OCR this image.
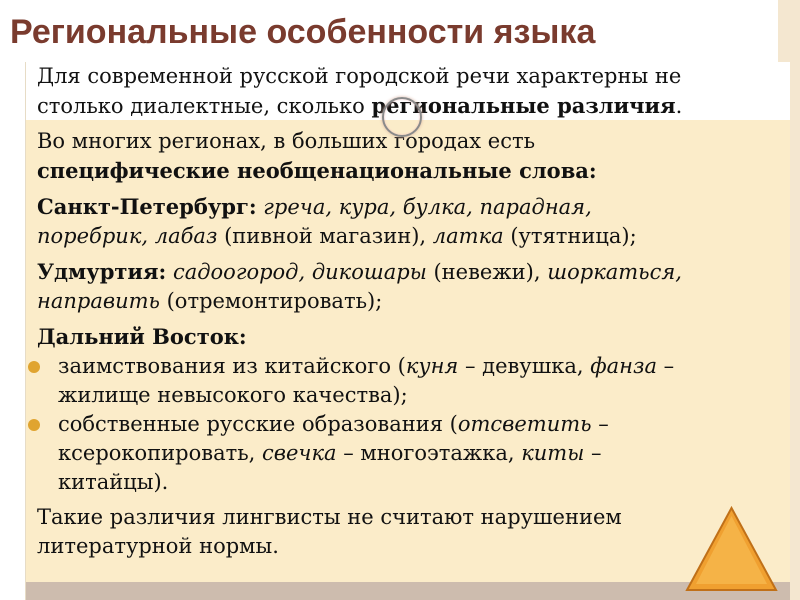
Региональные особенности языка

Для современной русской городской речи характерны не

столько диалектные, сколько региональные различия.

Во многих регионах, в больших городах есть

специфические необщенациональные слова:

Санкт-Петербург: греча, кура, булка, парадная,

поребрик, лабаз (пивной магазин), латка (утятница);

Удмуртия: садоогород, дикошары (невежи), шоркаться,

направить (отремонтировать);

Дальний Восток:

заимствования из китайского (куня – девушка, фанза –
жилище невысокого качества);
собственные русские образования (отсветить –
ксерокопировать, свечка – многоэтажка, киты –
китайцы).

Такие различия лингвисты не считают нарушением

литературной нормы.
